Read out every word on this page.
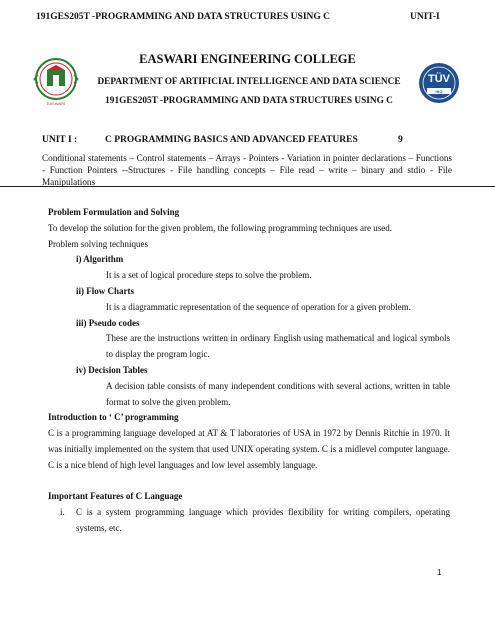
191GES205T -PROGRAMMING AND DATA STRUCTURES USING C	UNIT-I
EASWARI
EASWARI ENGINEERING COLLEGE
DEPARTMENT OF ARTIFICIAL INTELLIGENCE AND DATA SCIENCE
191GES205T -PROGRAMMING AND DATA STRUCTURES USING C
TÜV
ISO
UNIT I :	C PROGRAMMING BASICS AND ADVANCED FEATURES	9
Conditional statements – Control statements – Arrays - Pointers - Variation in pointer declarations – Functions - Function Pointers --Structures - File handling concepts – File read – write – binary and stdio - File Manipulations

Problem Formulation and Solving

To develop the solution for the given problem, the following programming techniques are used.

Problem solving techniques

i) Algorithm

It is a set of logical procedure steps to solve the problem.

ii) Flow Charts

It is a diagrammatic representation of the sequence of operation for a given problem.

iii) Pseudo codes

These are the instructions written in ordinary English using mathematical and logical symbols to display the program logic.

iv) Decision Tables

A decision table consists of many independent conditions with several actions, written in table format to solve the given problem.

Introduction to ‘ C’ programming

C is a programming language developed at AT & T laboratories of USA in 1972 by Dennis Ritchie in 1970. It was initially implemented on the system that used UNIX operating system. C is a midlevel computer language. C is a nice blend of high level languages and low level assembly language.

Important Features of C Language

i.	C is a system programming language which provides flexibility for writing compilers, operating systems, etc.
1
